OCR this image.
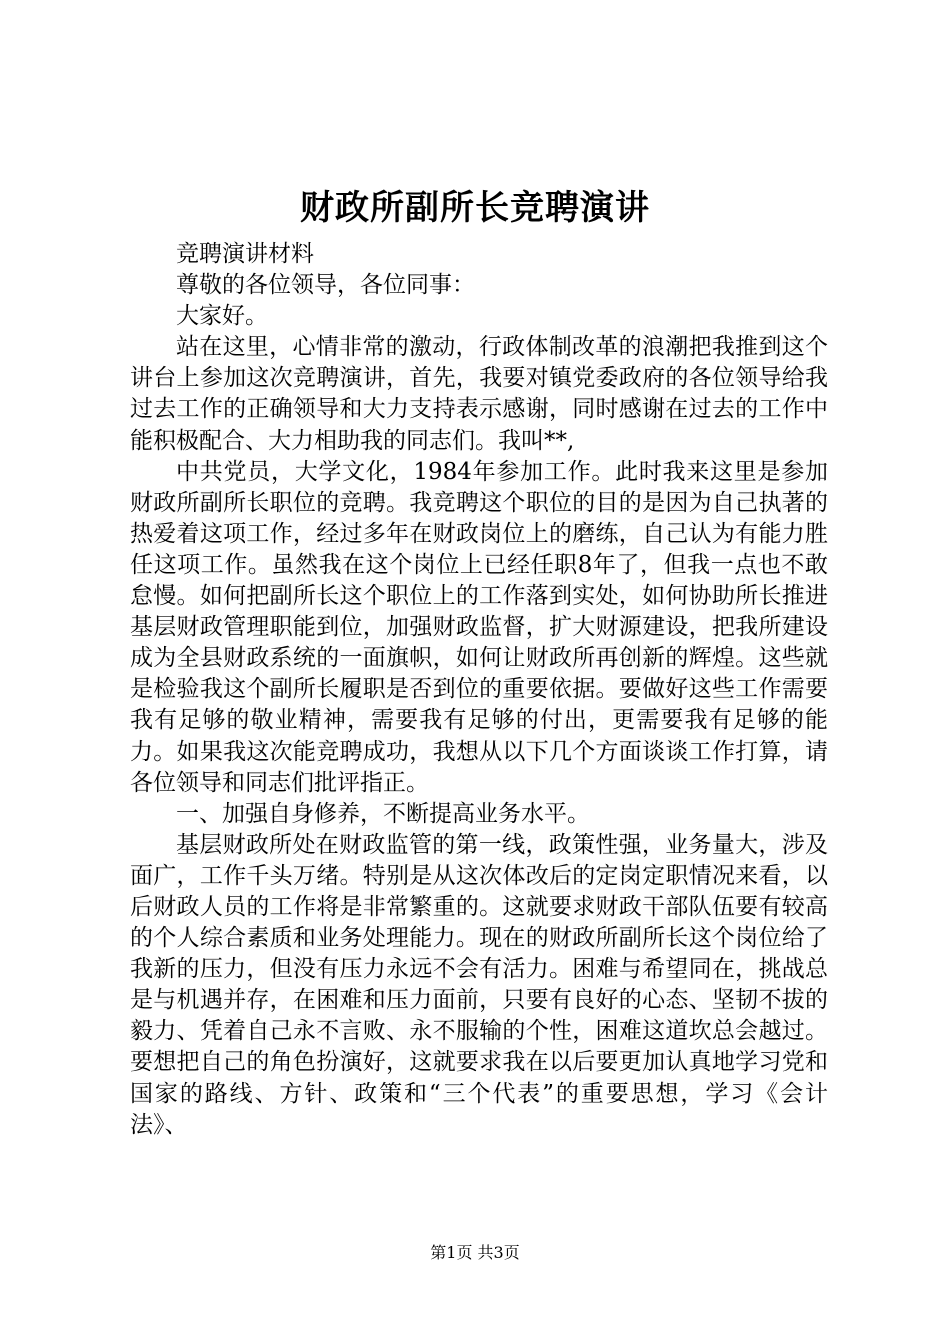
财政所副所长竞聘演讲

竞聘演讲材料

尊敬的各位领导，各位同事：

大家好。

站在这里，心情非常的激动，行政体制改革的浪潮把我推到这个讲台上参加这次竞聘演讲，首先，我要对镇党委政府的各位领导给我过去工作的正确领导和大力支持表示感谢，同时感谢在过去的工作中能积极配合、大力相助我的同志们。我叫**,

中共党员，大学文化，1984年参加工作。此时我来这里是参加财政所副所长职位的竞聘。我竞聘这个职位的目的是因为自己执著的热爱着这项工作，经过多年在财政岗位上的磨练，自己认为有能力胜任这项工作。虽然我在这个岗位上已经任职8年了，但我一点也不敢怠慢。如何把副所长这个职位上的工作落到实处，如何协助所长推进基层财政管理职能到位，加强财政监督，扩大财源建设，把我所建设成为全县财政系统的一面旗帜，如何让财政所再创新的辉煌。这些就是检验我这个副所长履职是否到位的重要依据。要做好这些工作需要我有足够的敬业精神，需要我有足够的付出，更需要我有足够的能力。如果我这次能竞聘成功，我想从以下几个方面谈谈工作打算，请各位领导和同志们批评指正。

一、加强自身修养，不断提高业务水平。

基层财政所处在财政监管的第一线，政策性强，业务量大，涉及面广，工作千头万绪。特别是从这次体改后的定岗定职情况来看，以后财政人员的工作将是非常繁重的。这就要求财政干部队伍要有较高的个人综合素质和业务处理能力。现在的财政所副所长这个岗位给了我新的压力，但没有压力永远不会有活力。困难与希望同在，挑战总是与机遇并存，在困难和压力面前，只要有良好的心态、坚韧不拔的毅力、凭着自己永不言败、永不服输的个性，困难这道坎总会越过。要想把自己的角色扮演好，这就要求我在以后要更加认真地学习党和国家的路线、方针、政策和“三个代表”的重要思想，学习《会计法》、

第1页 共3页
